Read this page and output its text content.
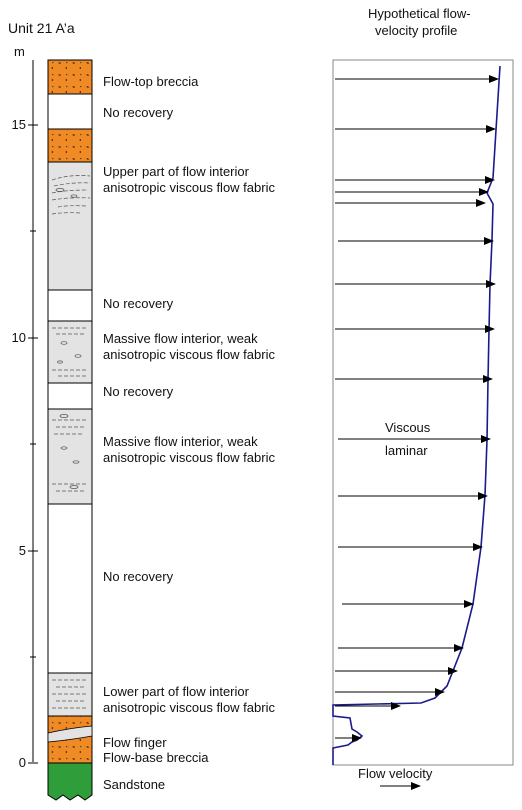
Unit 21 A’a
m
15
10
5
0
Flow-top breccia
No recovery
Upper part of flow interior
anisotropic viscous flow fabric
No recovery
Massive flow interior, weak
anisotropic viscous flow fabric
No recovery
Massive flow interior, weak
anisotropic viscous flow fabric
No recovery
Lower part of flow interior
anisotropic viscous flow fabric
Flow finger
Flow-base breccia
Sandstone
Hypothetical flow-
velocity profile
Viscous
laminar
Flow velocity
